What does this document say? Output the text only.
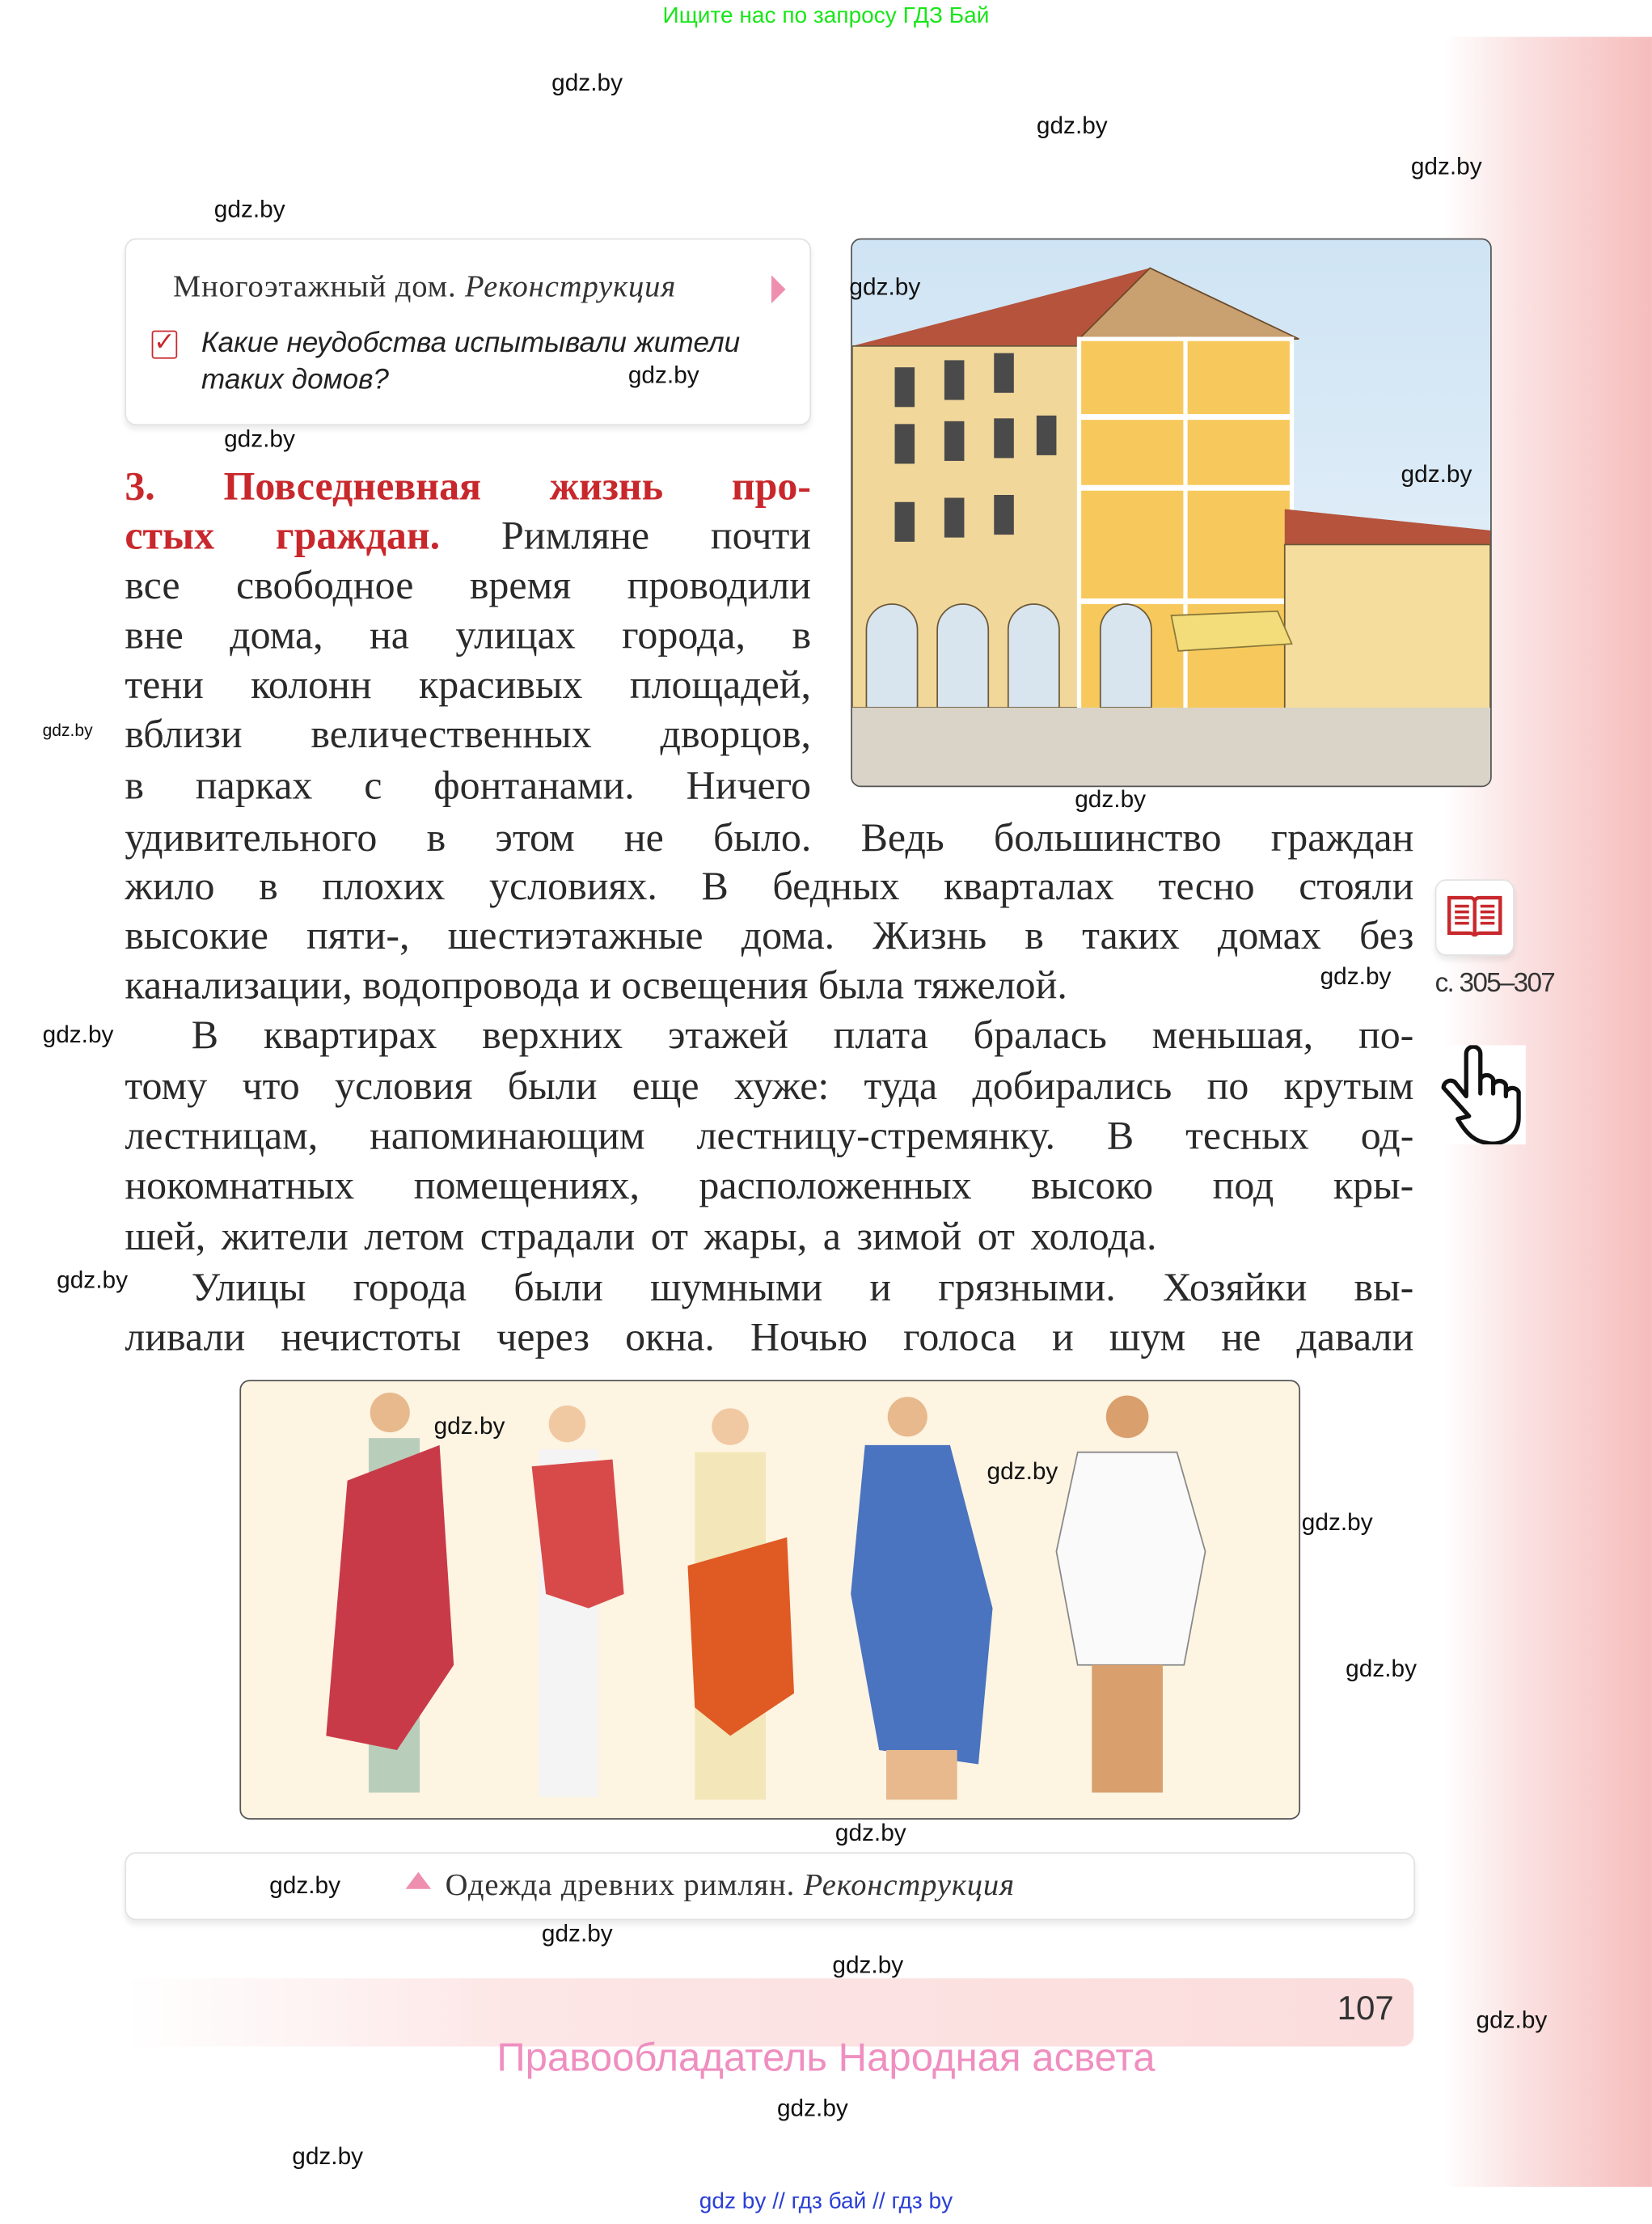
Ищите нас по запросу ГДЗ Бай
Многоэтажный дом. Реконструкция
✓ Какие неудобства испытывали жители
таких домов?
3. Повседневная жизнь про-
стых граждан.	Римляне почти
все свободное время проводили
вне дома, на улицах города, в
тени колонн красивых площадей,
вблизи величественных дворцов,
в парках с фонтанами. Ничего
удивительного в этом не было. Ведь большинство граждан
жило в плохих условиях. В бедных кварталах тесно стояли
высокие пяти-, шестиэтажные дома. Жизнь в таких домах без
канализации, водопровода и освещения была тяжелой.
В квартирах верхних этажей плата бралась меньшая, по-
тому что условия были еще хуже: туда добирались по крутым
лестницам, напоминающим лестницу-стремянку. В тесных од-
нокомнатных помещениях, расположенных высоко под кры-
шей, жители летом страдали от жары, а зимой от холода.
Улицы города были шумными и грязными. Хозяйки вы-
ливали нечистоты через окна. Ночью голоса и шум не давали
с. 305–307
Одежда древних римлян. Реконструкция
107
Правообладатель Народная асвета
gdz by // гдз бай // гдз by
gdz.by
gdz.by
gdz.by
gdz.by
gdz.by
gdz.by
gdz.by
gdz.by
gdz.by
gdz.by
gdz.by
gdz.by
gdz.by
gdz.by
gdz.by
gdz.by
gdz.by
gdz.by
gdz.by
gdz.by
gdz.by
gdz.by
gdz.by
gdz.by
